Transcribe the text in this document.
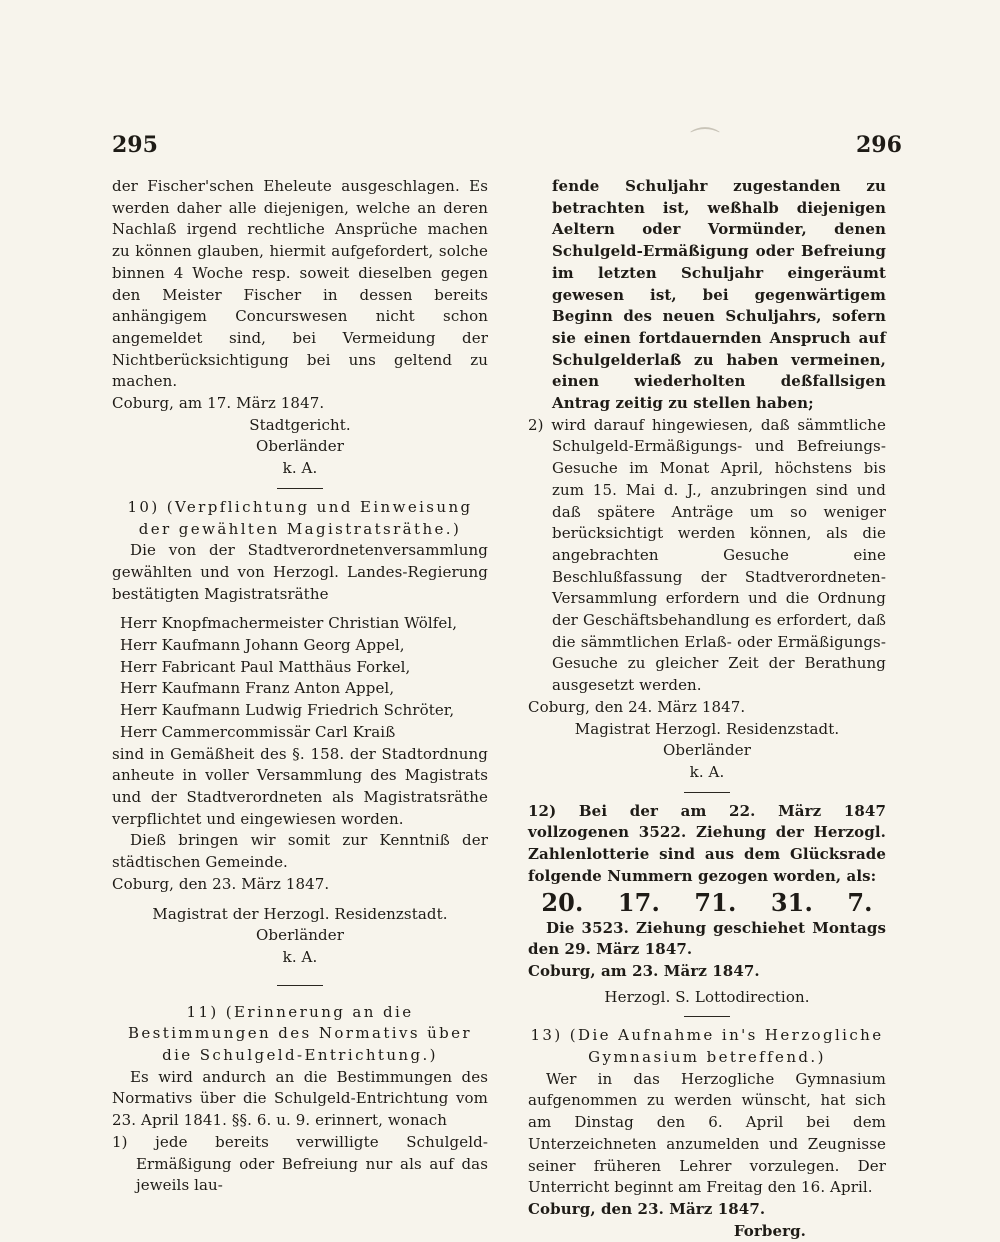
295	296
⌒

der Fischer'schen Eheleute ausgeschlagen. Es werden daher alle diejenigen, welche an deren Nachlaß irgend rechtliche Ansprüche machen zu können glauben, hiermit aufgefordert, solche binnen 4 Woche resp. soweit dieselben gegen den Meister Fischer in dessen bereits anhängigem Concurswesen nicht schon angemeldet sind, bei Vermeidung der Nichtberücksichtigung bei uns geltend zu machen.

Coburg, am 17. März 1847.

Stadtgericht.

Oberländer

k. A.

10) (Verpflichtung und Einweisung der gewählten Magistratsräthe.)

Die von der Stadtverordnetenversammlung gewählten und von Herzogl. Landes-Regierung bestätigten Magistratsräthe

Herr Knopfmachermeister Christian Wölfel,

Herr Kaufmann Johann Georg Appel,

Herr Fabricant Paul Matthäus Forkel,

Herr Kaufmann Franz Anton Appel,

Herr Kaufmann Ludwig Friedrich Schröter,

Herr Cammercommissär Carl Kraiß

sind in Gemäßheit des §. 158. der Stadtordnung anheute in voller Versammlung des Magistrats und der Stadtverordneten als Magistratsräthe verpflichtet und eingewiesen worden.

Dieß bringen wir somit zur Kenntniß der städtischen Gemeinde.

Coburg, den 23. März 1847.

Magistrat der Herzogl. Residenzstadt.

Oberländer

k. A.

11) (Erinnerung an die Bestimmungen des Normativs über die Schulgeld-Entrichtung.)

Es wird andurch an die Bestimmungen des Normativs über die Schulgeld-Entrichtung vom 23. April 1841. §§. 6. u. 9. erinnert, wonach

1) jede bereits verwilligte Schulgeld-Ermäßigung oder Befreiung nur als auf das jeweils lau-

fende Schuljahr zugestanden zu betrachten ist, weßhalb diejenigen Aeltern oder Vormünder, denen Schulgeld-Ermäßigung oder Befreiung im letzten Schuljahr eingeräumt gewesen ist, bei gegenwärtigem Beginn des neuen Schuljahrs, sofern sie einen fortdauernden Anspruch auf Schulgelderlaß zu haben vermeinen, einen wiederholten deßfallsigen Antrag zeitig zu stellen haben;

2) wird darauf hingewiesen, daß sämmtliche Schulgeld-Ermäßigungs- und Befreiungs-Gesuche im Monat April, höchstens bis zum 15. Mai d. J., anzubringen sind und daß spätere Anträge um so weniger berücksichtigt werden können, als die angebrachten Gesuche eine Beschlußfassung der Stadtverordneten-Versammlung erfordern und die Ordnung der Geschäftsbehandlung es erfordert, daß die sämmtlichen Erlaß- oder Ermäßigungs-Gesuche zu gleicher Zeit der Berathung ausgesetzt werden.

Coburg, den 24. März 1847.

Magistrat Herzogl. Residenzstadt.

Oberländer

k. A.

12) Bei der am 22. März 1847 vollzogenen 3522. Ziehung der Herzogl. Zahlenlotterie sind aus dem Glücksrade folgende Nummern gezogen worden, als:

20. 17. 71. 31. 7.

Die 3523. Ziehung geschiehet Montags den 29. März 1847.

Coburg, am 23. März 1847.

Herzogl. S. Lottodirection.

13) (Die Aufnahme in's Herzogliche Gymnasium betreffend.)

Wer in das Herzogliche Gymnasium aufgenommen zu werden wünscht, hat sich am Dinstag den 6. April bei dem Unterzeichneten anzumelden und Zeugnisse seiner früheren Lehrer vorzulegen. Der Unterricht beginnt am Freitag den 16. April.

Coburg, den 23. März 1847.

Forberg.
